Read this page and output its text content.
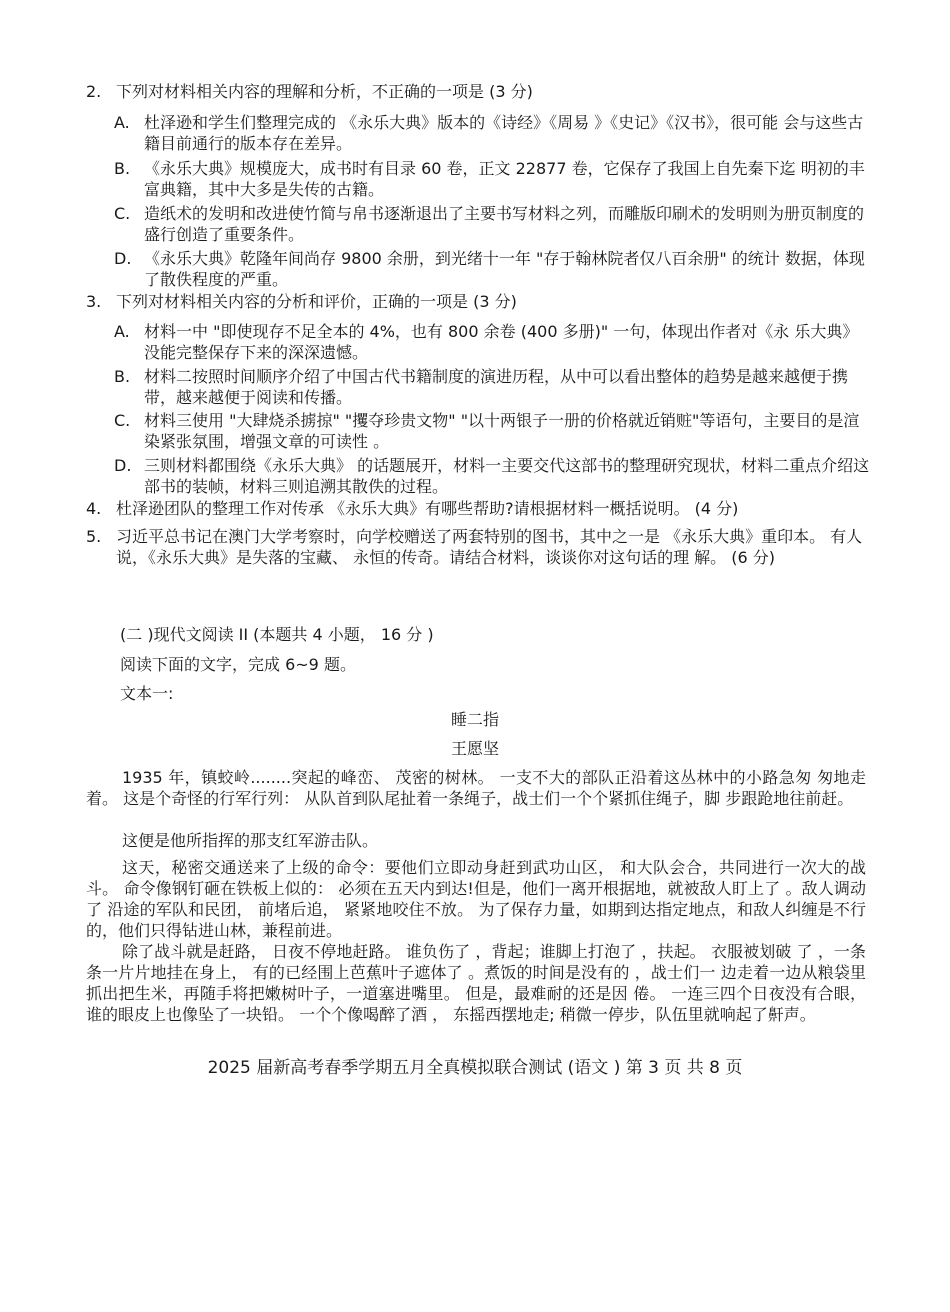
2. 下列对材料相关内容的理解和分析，不正确的一项是 (3 分)
A. 杜泽逊和学生们整理完成的 《永乐大典》版本的《诗经》《周易 》《史记》《汉书》，很可能 会与这些古籍目前通行的版本存在差异。
B. 《永乐大典》规模庞大，成书时有目录 60 卷，正文 22877 卷，它保存了我国上自先秦下迄 明初的丰富典籍，其中大多是失传的古籍。
C. 造纸术的发明和改进使竹简与帛书逐渐退出了主要书写材料之列，而雕版印刷术的发明则为册页制度的盛行创造了重要条件。
D. 《永乐大典》乾隆年间尚存 9800 余册，到光绪十一年 "存于翰林院者仅八百余册" 的统计 数据，体现了散佚程度的严重。
3. 下列对材料相关内容的分析和评价，正确的一项是 (3 分)
A. 材料一中 "即使现存不足全本的 4%，也有 800 余卷 (400 多册)" 一句，体现出作者对《永 乐大典》没能完整保存下来的深深遗憾。
B. 材料二按照时间顺序介绍了中国古代书籍制度的演进历程，从中可以看出整体的趋势是越来越便于携带，越来越便于阅读和传播。
C. 材料三使用 "大肆烧杀掳掠" "攫夺珍贵文物" "以十两银子一册的价格就近销赃"等语句，主要目的是渲染紧张氛围，增强文章的可读性 。
D. 三则材料都围绕《永乐大典》 的话题展开，材料一主要交代这部书的整理研究现状，材料二重点介绍这部书的装帧，材料三则追溯其散佚的过程。
4. 杜泽逊团队的整理工作对传承 《永乐大典》有哪些帮助?请根据材料一概括说明。 (4 分)
5. 习近平总书记在澳门大学考察时，向学校赠送了两套特别的图书，其中之一是 《永乐大典》重印本。 有人说，《永乐大典》是失落的宝藏、 永恒的传奇。请结合材料，谈谈你对这句话的理 解。 (6 分)
(二 )现代文阅读 II (本题共 4 小题， 16 分 )
阅读下面的文字，完成 6~9 题。
文本一:
睡二指
王愿坚
1935 年，镇蛟岭........突起的峰峦、 茂密的树林。 一支不大的部队正沿着这丛林中的小路急匆 匆地走着。 这是个奇怪的行军行列： 从队首到队尾扯着一条绳子，战士们一个个紧抓住绳子，脚 步跟跄地往前赶。
这便是他所指挥的那支红军游击队。
这天，秘密交通送来了上级的命令：要他们立即动身赶到武功山区， 和大队会合，共同进行一次大的战斗。 命令像钢钉砸在铁板上似的： 必须在五天内到达!但是，他们一离开根据地，就被敌人盯上了 。敌人调动了 沿途的军队和民团， 前堵后追， 紧紧地咬住不放。 为了保存力量，如期到达指定地点，和敌人纠缠是不行的，他们只得钻进山林，兼程前进。
除了战斗就是赶路， 日夜不停地赶路。 谁负伤了 ，背起；谁脚上打泡了 ，扶起。 衣服被划破 了 ，一条条一片片地挂在身上， 有的已经围上芭蕉叶子遮体了 。煮饭的时间是没有的 ，战士们一 边走着一边从粮袋里抓出把生米，再随手将把嫩树叶子，一道塞进嘴里。 但是，最难耐的还是因 倦。 一连三四个日夜没有合眼，谁的眼皮上也像坠了一块铅。 一个个像喝醉了酒 ， 东摇西摆地走; 稍微一停步，队伍里就响起了鼾声。
2025 届新高考春季学期五月全真模拟联合测试 (语文 ) 第 3 页 共 8 页
